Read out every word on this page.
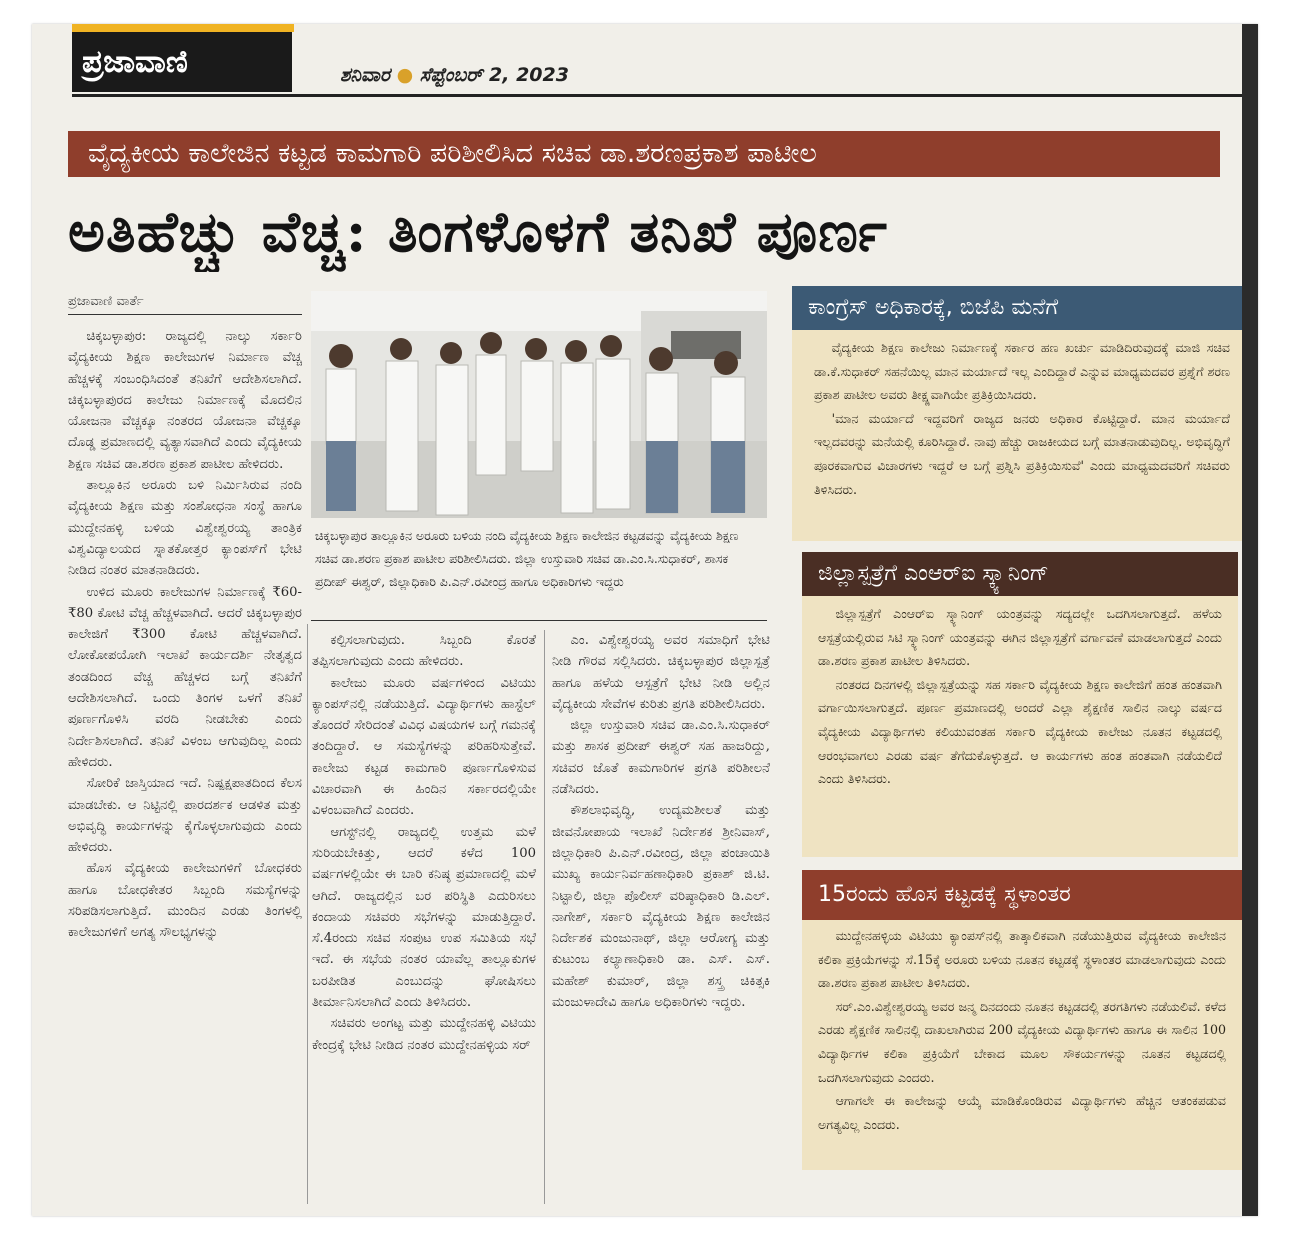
ಪ್ರಜಾವಾಣಿ	ಶನಿವಾರ ● ಸೆಪ್ಟೆಂಬರ್ 2, 2023
ವೈದ್ಯಕೀಯ ಕಾಲೇಜಿನ ಕಟ್ಟಡ ಕಾಮಗಾರಿ ಪರಿಶೀಲಿಸಿದ ಸಚಿವ ಡಾ.ಶರಣಪ್ರಕಾಶ ಪಾಟೀಲ
ಅತಿಹೆಚ್ಚು ವೆಚ್ಚ: ತಿಂಗಳೊಳಗೆ ತನಿಖೆ ಪೂರ್ಣ
ಪ್ರಜಾವಾಣಿ ವಾರ್ತೆ

ಚಿಕ್ಕಬಳ್ಳಾಪುರ: ರಾಜ್ಯದಲ್ಲಿ ನಾಲ್ಕು ಸರ್ಕಾರಿ ವೈದ್ಯಕೀಯ ಶಿಕ್ಷಣ ಕಾಲೇಜುಗಳ ನಿರ್ಮಾಣ ವೆಚ್ಚ ಹೆಚ್ಚಳಕ್ಕೆ ಸಂಬಂಧಿಸಿದಂತೆ ತನಿಖೆಗೆ ಆದೇಶಿಸಲಾಗಿದೆ. ಚಿಕ್ಕಬಳ್ಳಾಪುರದ ಕಾಲೇಜು ನಿರ್ಮಾಣಕ್ಕೆ ಮೊದಲಿನ ಯೋಜನಾ ವೆಚ್ಚಕ್ಕೂ ನಂತರದ ಯೋಜನಾ ವೆಚ್ಚಕ್ಕೂ ದೊಡ್ಡ ಪ್ರಮಾಣದಲ್ಲಿ ವ್ಯತ್ಯಾಸವಾಗಿದೆ ಎಂದು ವೈದ್ಯಕೀಯ ಶಿಕ್ಷಣ ಸಚಿವ ಡಾ.ಶರಣ ಪ್ರಕಾಶ ಪಾಟೀಲ ಹೇಳಿದರು.

ತಾಲ್ಲೂಕಿನ ಅರೂರು ಬಳಿ ನಿರ್ಮಿಸಿರುವ ನಂದಿ ವೈದ್ಯಕೀಯ ಶಿಕ್ಷಣ ಮತ್ತು ಸಂಶೋಧನಾ ಸಂಸ್ಥೆ ಹಾಗೂ ಮುದ್ದೇನಹಳ್ಳಿ ಬಳಿಯ ವಿಶ್ವೇಶ್ವರಯ್ಯ ತಾಂತ್ರಿಕ ವಿಶ್ವವಿದ್ಯಾಲಯದ ಸ್ನಾತಕೋತ್ತರ ಕ್ಯಾಂಪಸ್‌ಗೆ ಭೇಟಿ ನೀಡಿದ ನಂತರ ಮಾತನಾಡಿದರು.

ಉಳಿದ ಮೂರು ಕಾಲೇಜುಗಳ ನಿರ್ಮಾಣಕ್ಕೆ ₹60-₹80 ಕೋಟಿ ವೆಚ್ಚ ಹೆಚ್ಚಳವಾಗಿದೆ. ಆದರೆ ಚಿಕ್ಕಬಳ್ಳಾಪುರ ಕಾಲೇಜಿಗೆ ₹300 ಕೋಟಿ ಹೆಚ್ಚಳವಾಗಿದೆ. ಲೋಕೋಪಯೋಗಿ ಇಲಾಖೆ ಕಾರ್ಯದರ್ಶಿ ನೇತೃತ್ವದ ತಂಡದಿಂದ ವೆಚ್ಚ ಹೆಚ್ಚಳದ ಬಗ್ಗೆ ತನಿಖೆಗೆ ಆದೇಶಿಸಲಾಗಿದೆ. ಒಂದು ತಿಂಗಳ ಒಳಗೆ ತನಿಖೆ ಪೂರ್ಣಗೊಳಿಸಿ ವರದಿ ನೀಡಬೇಕು ಎಂದು ನಿರ್ದೇಶಿಸಲಾಗಿದೆ. ತನಿಖೆ ವಿಳಂಬ ಆಗುವುದಿಲ್ಲ ಎಂದು ಹೇಳಿದರು.

ಸೋರಿಕೆ ಜಾಸ್ತಿಯಾದ ಇದೆ. ನಿಷ್ಪಕ್ಷಪಾತದಿಂದ ಕೆಲಸ ಮಾಡಬೇಕು. ಆ ನಿಟ್ಟಿನಲ್ಲಿ ಪಾರದರ್ಶಕ ಆಡಳಿತ ಮತ್ತು ಅಭಿವೃದ್ಧಿ ಕಾರ್ಯಗಳನ್ನು ಕೈಗೊಳ್ಳಲಾಗುವುದು ಎಂದು ಹೇಳಿದರು.

ಹೊಸ ವೈದ್ಯಕೀಯ ಕಾಲೇಜುಗಳಿಗೆ ಬೋಧಕರು ಹಾಗೂ ಬೋಧಕೇತರ ಸಿಬ್ಬಂದಿ ಸಮಸ್ಯೆಗಳನ್ನು ಸರಿಪಡಿಸಲಾಗುತ್ತಿದೆ. ಮುಂದಿನ ಎರಡು ತಿಂಗಳಲ್ಲಿ ಕಾಲೇಜುಗಳಿಗೆ ಅಗತ್ಯ ಸೌಲಭ್ಯಗಳನ್ನು

ಚಿಕ್ಕಬಳ್ಳಾಪುರ ತಾಲ್ಲೂಕಿನ ಅರೂರು ಬಳಿಯ ನಂದಿ ವೈದ್ಯಕೀಯ ಶಿಕ್ಷಣ ಕಾಲೇಜಿನ ಕಟ್ಟಡವನ್ನು ವೈದ್ಯಕೀಯ ಶಿಕ್ಷಣ ಸಚಿವ ಡಾ.ಶರಣ ಪ್ರಕಾಶ ಪಾಟೀಲ ಪರಿಶೀಲಿಸಿದರು. ಜಿಲ್ಲಾ ಉಸ್ತುವಾರಿ ಸಚಿವ ಡಾ.ಎಂ.ಸಿ.ಸುಧಾಕರ್, ಶಾಸಕ ಪ್ರದೀಪ್ ಈಶ್ವರ್, ಜಿಲ್ಲಾಧಿಕಾರಿ ಪಿ.ಎನ್.ರವೀಂದ್ರ ಹಾಗೂ ಅಧಿಕಾರಿಗಳು ಇದ್ದರು

ಕಲ್ಪಿಸಲಾಗುವುದು. ಸಿಬ್ಬಂದಿ ಕೊರತೆ ತಪ್ಪಿಸಲಾಗುವುದು ಎಂದು ಹೇಳಿದರು.

ಕಾಲೇಜು ಮೂರು ವರ್ಷಗಳಿಂದ ವಿಟಿಯು ಕ್ಯಾಂಪಸ್‌ನಲ್ಲಿ ನಡೆಯುತ್ತಿದೆ. ವಿದ್ಯಾರ್ಥಿಗಳು ಹಾಸ್ಟೆಲ್ ತೊಂದರೆ ಸೇರಿದಂತೆ ವಿವಿಧ ವಿಷಯಗಳ ಬಗ್ಗೆ ಗಮನಕ್ಕೆ ತಂದಿದ್ದಾರೆ. ಆ ಸಮಸ್ಯೆಗಳನ್ನು ಪರಿಹರಿಸುತ್ತೇವೆ. ಕಾಲೇಜು ಕಟ್ಟಡ ಕಾಮಗಾರಿ ಪೂರ್ಣಗೊಳಿಸುವ ವಿಚಾರವಾಗಿ ಈ ಹಿಂದಿನ ಸರ್ಕಾರದಲ್ಲಿಯೇ ವಿಳಂಬವಾಗಿದೆ ಎಂದರು.

ಆಗಸ್ಟ್‌ನಲ್ಲಿ ರಾಜ್ಯದಲ್ಲಿ ಉತ್ತಮ ಮಳೆ ಸುರಿಯಬೇಕಿತ್ತು, ಆದರೆ ಕಳೆದ 100 ವರ್ಷಗಳಲ್ಲಿಯೇ ಈ ಬಾರಿ ಕನಿಷ್ಠ ಪ್ರಮಾಣದಲ್ಲಿ ಮಳೆ ಆಗಿದೆ. ರಾಜ್ಯದಲ್ಲಿನ ಬರ ಪರಿಸ್ಥಿತಿ ಎದುರಿಸಲು ಕಂದಾಯ ಸಚಿವರು ಸಭೆಗಳನ್ನು ಮಾಡುತ್ತಿದ್ದಾರೆ. ಸೆ.4ರಂದು ಸಚಿವ ಸಂಪುಟ ಉಪ ಸಮಿತಿಯ ಸಭೆ ಇದೆ. ಈ ಸಭೆಯ ನಂತರ ಯಾವೆಲ್ಲ ತಾಲ್ಲೂಕುಗಳ ಬರಪೀಡಿತ ಎಂಬುದನ್ನು ಘೋಷಿಸಲು ತೀರ್ಮಾನಿಸಲಾಗಿದೆ ಎಂದು ತಿಳಿಸಿದರು.

ಸಚಿವರು ಅಂಗಟ್ಟ ಮತ್ತು ಮುದ್ದೇನಹಳ್ಳಿ ವಿಟಿಯು ಕೇಂದ್ರಕ್ಕೆ ಭೇಟಿ ನೀಡಿದ ನಂತರ ಮುದ್ದೇನಹಳ್ಳಿಯ ಸರ್

ಎಂ. ವಿಶ್ವೇಶ್ವರಯ್ಯ ಅವರ ಸಮಾಧಿಗೆ ಭೇಟಿ ನೀಡಿ ಗೌರವ ಸಲ್ಲಿಸಿದರು. ಚಿಕ್ಕಬಳ್ಳಾಪುರ ಜಿಲ್ಲಾಸ್ಪತ್ರೆ ಹಾಗೂ ಹಳೆಯ ಆಸ್ಪತ್ರೆಗೆ ಭೇಟಿ ನೀಡಿ ಅಲ್ಲಿನ ವೈದ್ಯಕೀಯ ಸೇವೆಗಳ ಕುರಿತು ಪ್ರಗತಿ ಪರಿಶೀಲಿಸಿದರು.

ಜಿಲ್ಲಾ ಉಸ್ತುವಾರಿ ಸಚಿವ ಡಾ.ಎಂ.ಸಿ.ಸುಧಾಕರ್ ಮತ್ತು ಶಾಸಕ ಪ್ರದೀಪ್ ಈಶ್ವರ್ ಸಹ ಹಾಜರಿದ್ದು, ಸಚಿವರ ಜೊತೆ ಕಾಮಗಾರಿಗಳ ಪ್ರಗತಿ ಪರಿಶೀಲನೆ ನಡೆಸಿದರು.

ಕೌಶಲಾಭಿವೃದ್ಧಿ, ಉದ್ಯಮಶೀಲತೆ ಮತ್ತು ಜೀವನೋಪಾಯ ಇಲಾಖೆ ನಿರ್ದೇಶಕ ಶ್ರೀನಿವಾಸ್, ಜಿಲ್ಲಾಧಿಕಾರಿ ಪಿ.ಎನ್.ರವೀಂದ್ರ, ಜಿಲ್ಲಾ ಪಂಚಾಯಿತಿ ಮುಖ್ಯ ಕಾರ್ಯನಿರ್ವಹಣಾಧಿಕಾರಿ ಪ್ರಕಾಶ್ ಜಿ.ಟಿ. ನಿಟ್ಟಾಲಿ, ಜಿಲ್ಲಾ ಪೊಲೀಸ್ ವರಿಷ್ಠಾಧಿಕಾರಿ ಡಿ.ಎಲ್. ನಾಗೇಶ್, ಸರ್ಕಾರಿ ವೈದ್ಯಕೀಯ ಶಿಕ್ಷಣ ಕಾಲೇಜಿನ ನಿರ್ದೇಶಕ ಮಂಜುನಾಥ್, ಜಿಲ್ಲಾ ಆರೋಗ್ಯ ಮತ್ತು ಕುಟುಂಬ ಕಲ್ಯಾಣಾಧಿಕಾರಿ ಡಾ. ಎಸ್. ಎಸ್. ಮಹೇಶ್ ಕುಮಾರ್, ಜಿಲ್ಲಾ ಶಸ್ತ್ರ ಚಿಕಿತ್ಸಕಿ ಮಂಜುಳಾದೇವಿ ಹಾಗೂ ಅಧಿಕಾರಿಗಳು ಇದ್ದರು.

ಕಾಂಗ್ರೆಸ್ ಅಧಿಕಾರಕ್ಕೆ, ಬಿಜೆಪಿ ಮನೆಗೆ

ವೈದ್ಯಕೀಯ ಶಿಕ್ಷಣ ಕಾಲೇಜು ನಿರ್ಮಾಣಕ್ಕೆ ಸರ್ಕಾರ ಹಣ ಖರ್ಚು ಮಾಡಿದಿರುವುದಕ್ಕೆ ಮಾಜಿ ಸಚಿವ ಡಾ.ಕೆ.ಸುಧಾಕರ್ ಸಹನೆಯಿಲ್ಲ ಮಾನ ಮರ್ಯಾದೆ ಇಲ್ಲ ಎಂದಿದ್ದಾರೆ ಎನ್ನುವ ಮಾಧ್ಯಮದವರ ಪ್ರಶ್ನೆಗೆ ಶರಣ ಪ್ರಕಾಶ ಪಾಟೀಲ ಅವರು ತೀಕ್ಷ್ಣವಾಗಿಯೇ ಪ್ರತಿಕ್ರಿಯಿಸಿದರು.

'ಮಾನ ಮರ್ಯಾದೆ ಇದ್ದವರಿಗೆ ರಾಜ್ಯದ ಜನರು ಅಧಿಕಾರ ಕೊಟ್ಟಿದ್ದಾರೆ. ಮಾನ ಮರ್ಯಾದೆ ಇಲ್ಲದವರನ್ನು ಮನೆಯಲ್ಲಿ ಕೂರಿಸಿದ್ದಾರೆ. ನಾವು ಹೆಚ್ಚು ರಾಜಕೀಯದ ಬಗ್ಗೆ ಮಾತನಾಡುವುದಿಲ್ಲ. ಅಭಿವೃದ್ಧಿಗೆ ಪೂರಕವಾಗುವ ವಿಚಾರಗಳು ಇದ್ದರೆ ಆ ಬಗ್ಗೆ ಪ್ರಶ್ನಿಸಿ ಪ್ರತಿಕ್ರಿಯಿಸುವೆ' ಎಂದು ಮಾಧ್ಯಮದವರಿಗೆ ಸಚಿವರು ತಿಳಿಸಿದರು.

ಜಿಲ್ಲಾಸ್ಪತ್ರೆಗೆ ಎಂಆರ್‌ಐ ಸ್ಕ್ಯಾನಿಂಗ್

ಜಿಲ್ಲಾಸ್ಪತ್ರೆಗೆ ಎಂಆರ್‌ಐ ಸ್ಕ್ಯಾನಿಂಗ್ ಯಂತ್ರವನ್ನು ಸದ್ಯದಲ್ಲೇ ಒದಗಿಸಲಾಗುತ್ತದೆ. ಹಳೆಯ ಆಸ್ಪತ್ರೆಯಲ್ಲಿರುವ ಸಿಟಿ ಸ್ಕ್ಯಾನಿಂಗ್ ಯಂತ್ರವನ್ನು ಈಗಿನ ಜಿಲ್ಲಾಸ್ಪತ್ರೆಗೆ ವರ್ಗಾವಣೆ ಮಾಡಲಾಗುತ್ತದೆ ಎಂದು ಡಾ.ಶರಣ ಪ್ರಕಾಶ ಪಾಟೀಲ ತಿಳಿಸಿದರು.

ನಂತರದ ದಿನಗಳಲ್ಲಿ ಜಿಲ್ಲಾಸ್ಪತ್ರೆಯನ್ನು ಸಹ ಸರ್ಕಾರಿ ವೈದ್ಯಕೀಯ ಶಿಕ್ಷಣ ಕಾಲೇಜಿಗೆ ಹಂತ ಹಂತವಾಗಿ ವರ್ಗಾಯಿಸಲಾಗುತ್ತದೆ. ಪೂರ್ಣ ಪ್ರಮಾಣದಲ್ಲಿ ಅಂದರೆ ಎಲ್ಲಾ ಶೈಕ್ಷಣಿಕ ಸಾಲಿನ ನಾಲ್ಕು ವರ್ಷದ ವೈದ್ಯಕೀಯ ವಿದ್ಯಾರ್ಥಿಗಳು ಕಲಿಯುವಂತಹ ಸರ್ಕಾರಿ ವೈದ್ಯಕೀಯ ಕಾಲೇಜು ನೂತನ ಕಟ್ಟಡದಲ್ಲಿ ಆರಂಭವಾಗಲು ಎರಡು ವರ್ಷ ತೆಗೆದುಕೊಳ್ಳುತ್ತದೆ. ಆ ಕಾರ್ಯಗಳು ಹಂತ ಹಂತವಾಗಿ ನಡೆಯಲಿದೆ ಎಂದು ತಿಳಿಸಿದರು.

15ರಂದು ಹೊಸ ಕಟ್ಟಡಕ್ಕೆ ಸ್ಥಳಾಂತರ

ಮುದ್ದೇನಹಳ್ಳಿಯ ವಿಟಿಯು ಕ್ಯಾಂಪಸ್‌ನಲ್ಲಿ ತಾತ್ಕಾಲಿಕವಾಗಿ ನಡೆಯುತ್ತಿರುವ ವೈದ್ಯಕೀಯ ಕಾಲೇಜಿನ ಕಲಿಕಾ ಪ್ರಕ್ರಿಯೆಗಳನ್ನು ಸೆ.15ಕ್ಕೆ ಅರೂರು ಬಳಿಯ ನೂತನ ಕಟ್ಟಡಕ್ಕೆ ಸ್ಥಳಾಂತರ ಮಾಡಲಾಗುವುದು ಎಂದು ಡಾ.ಶರಣ ಪ್ರಕಾಶ ಪಾಟೀಲ ತಿಳಿಸಿದರು.

ಸರ್.ಎಂ.ವಿಶ್ವೇಶ್ವರಯ್ಯ ಅವರ ಜನ್ಮ ದಿನದಂದು ನೂತನ ಕಟ್ಟಡದಲ್ಲಿ ತರಗತಿಗಳು ನಡೆಯಲಿವೆ. ಕಳೆದ ಎರಡು ಶೈಕ್ಷಣಿಕ ಸಾಲಿನಲ್ಲಿ ದಾಖಲಾಗಿರುವ 200 ವೈದ್ಯಕೀಯ ವಿದ್ಯಾರ್ಥಿಗಳು ಹಾಗೂ ಈ ಸಾಲಿನ 100 ವಿದ್ಯಾರ್ಥಿಗಳ ಕಲಿಕಾ ಪ್ರಕ್ರಿಯೆಗೆ ಬೇಕಾದ ಮೂಲ ಸೌಕರ್ಯಗಳನ್ನು ನೂತನ ಕಟ್ಟಡದಲ್ಲಿ ಒದಗಿಸಲಾಗುವುದು ಎಂದರು.

ಆಗಾಗಲೇ ಈ ಕಾಲೇಜನ್ನು ಆಯ್ಕೆ ಮಾಡಿಕೊಂಡಿರುವ ವಿದ್ಯಾರ್ಥಿಗಳು ಹೆಚ್ಚಿನ ಆತಂಕಪಡುವ ಅಗತ್ಯವಿಲ್ಲ ಎಂದರು.
